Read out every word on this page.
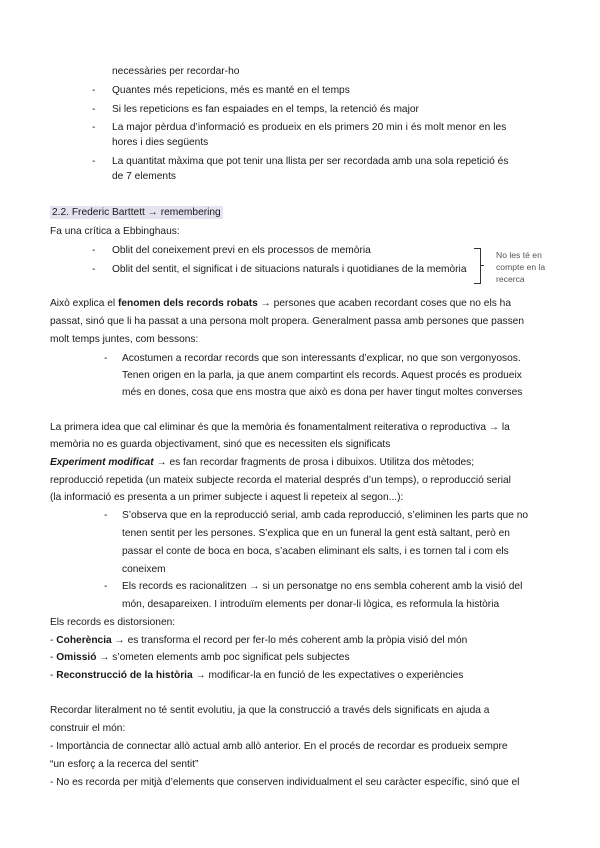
necessàries per recordar-ho
- Quantes més repeticions, més es manté en el temps
- Si les repeticions es fan espaiades en el temps, la retenció és major
- La major pèrdua d’informació es produeix en els primers 20 min i és molt menor en les
hores i dies següents
- La quantitat màxima que pot tenir una llista per ser recordada amb una sola repetició és
de 7 elements
2.2. Frederic Barttett → remembering
Fa una crítica a Ebbinghaus:
- Oblit del coneixement previ en els processos de memòria
- Oblit del sentit, el significat i de situacions naturals i quotidianes de la memòria
No les té en
compte en la
recerca
Això explica el fenomen dels records robats → persones que acaben recordant coses que no els ha
passat, sinó que li ha passat a una persona molt propera. Generalment passa amb persones que passen
molt temps juntes, com bessons:
- Acostumen a recordar records que son interessants d’explicar, no que son vergonyosos.
Tenen origen en la parla, ja que anem compartint els records. Aquest procés es produeix
més en dones, cosa que ens mostra que això es dona per haver tingut moltes converses
La primera idea que cal eliminar és que la memòria és fonamentalment reiterativa o reproductiva → la
memòria no es guarda objectivament, sinó que es necessiten els significats
Experiment modificat → es fan recordar fragments de prosa i dibuixos. Utilitza dos mètodes;
reproducció repetida (un mateix subjecte recorda el material després d’un temps), o reproducció serial
(la informació es presenta a un primer subjecte i aquest li repeteix al segon...):
- S’observa que en la reproducció serial, amb cada reproducció, s’eliminen les parts que no
tenen sentit per les persones. S’explica que en un funeral la gent està saltant, però en
passar el conte de boca en boca, s’acaben eliminant els salts, i es tornen tal i com els
coneixem
- Els records es racionalitzen → si un personatge no ens sembla coherent amb la visió del
món, desapareixen. I introduïm elements per donar-li lògica, es reformula la història
Els records es distorsionen:
- Coherència → es transforma el record per fer-lo més coherent amb la pròpia visió del món
- Omissió → s’ometen elements amb poc significat pels subjectes
- Reconstrucció de la història → modificar-la en funció de les expectatives o experiències
Recordar literalment no té sentit evolutiu, ja que la construcció a través dels significats en ajuda a
construir el món:
- Importància de connectar allò actual amb allò anterior. En el procés de recordar es produeix sempre
“un esforç a la recerca del sentit”
- No es recorda per mitjà d’elements que conserven individualment el seu caràcter específic, sinó que el
